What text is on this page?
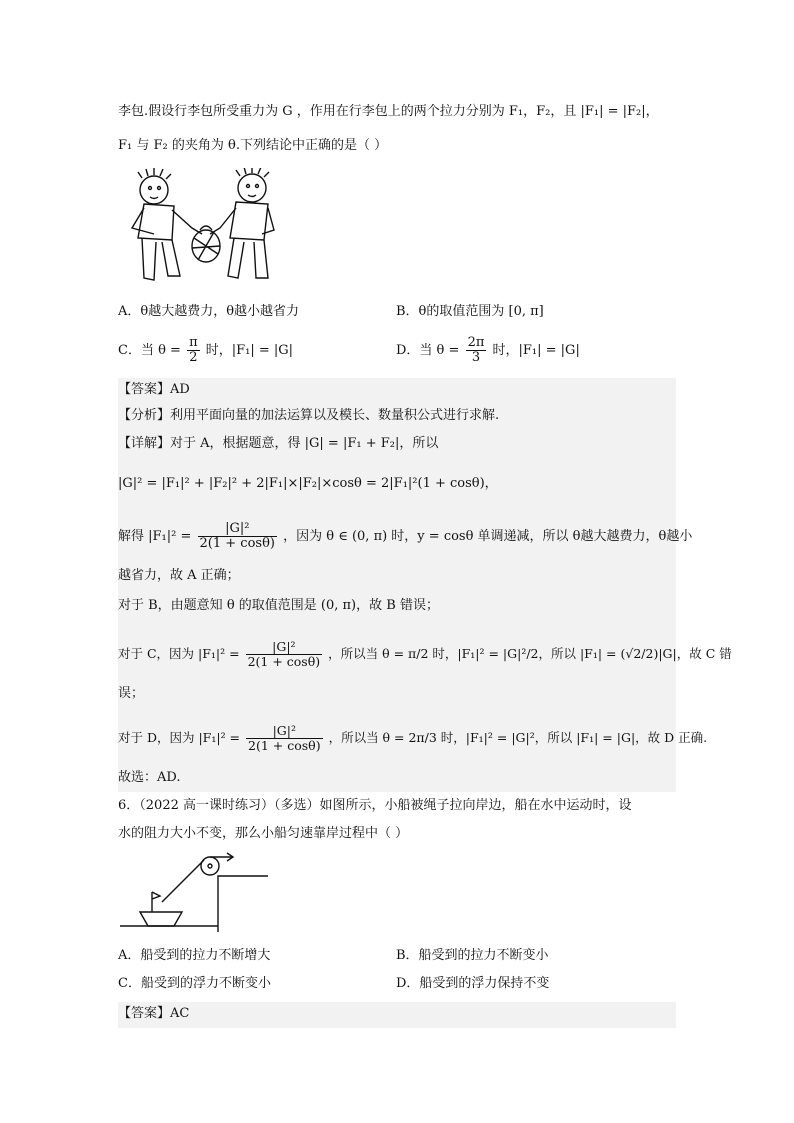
李包.假设行李包所受重力为 G ，作用在行李包上的两个拉力分别为 F₁，F₂，且 |F₁| = |F₂|，
F₁ 与 F₂ 的夹角为 θ.下列结论中正确的是（ ）
A．θ越大越费力，θ越小越省力	B．θ的取值范围为 [0, π]
C．当 $\theta = \frac{\pi}{2}$ 时，|F₁| = |G|	D．当 $\theta = \frac{2\pi}{3}$ 时，|F₁| = |G|
【答案】AD
【分析】利用平面向量的加法运算以及模长、数量积公式进行求解.
【详解】对于 A，根据题意，得 |G| = |F₁ + F₂|，所以
|G|² = |F₁|² + |F₂|² + 2|F₁|×|F₂|×cosθ = 2|F₁|²(1 + cosθ)，
解得 $|F_1|^2 = \frac{\text{|G|²}}{2(1 + \cos\theta)}$ ，因为 θ ∈ (0, π) 时，y = cosθ 单调递减，所以 θ越大越费力，θ越小
越省力，故 A 正确；
对于 B，由题意知 θ 的取值范围是 (0, π)，故 B 错误；
对于 C，因为 $|F_1|^2 = \frac{\text{|G|²}}{2(1 + \cos\theta)}$ ，所以当 θ = π/2 时，|F₁|² = |G|²/2，所以 |F₁| = (√2/2)|G|，故 C 错
误；
对于 D，因为 $|F_1|^2 = \frac{\text{|G|²}}{2(1 + \cos\theta)}$ ，所以当 θ = 2π/3 时，|F₁|² = |G|²，所以 |F₁| = |G|，故 D 正确.
故选：AD.
6．（2022 高一课时练习）（多选）如图所示，小船被绳子拉向岸边，船在水中运动时，设
水的阻力大小不变，那么小船匀速靠岸过程中（ ）
A．船受到的拉力不断增大	B．船受到的拉力不断变小
C．船受到的浮力不断变小	D．船受到的浮力保持不变
【答案】AC
